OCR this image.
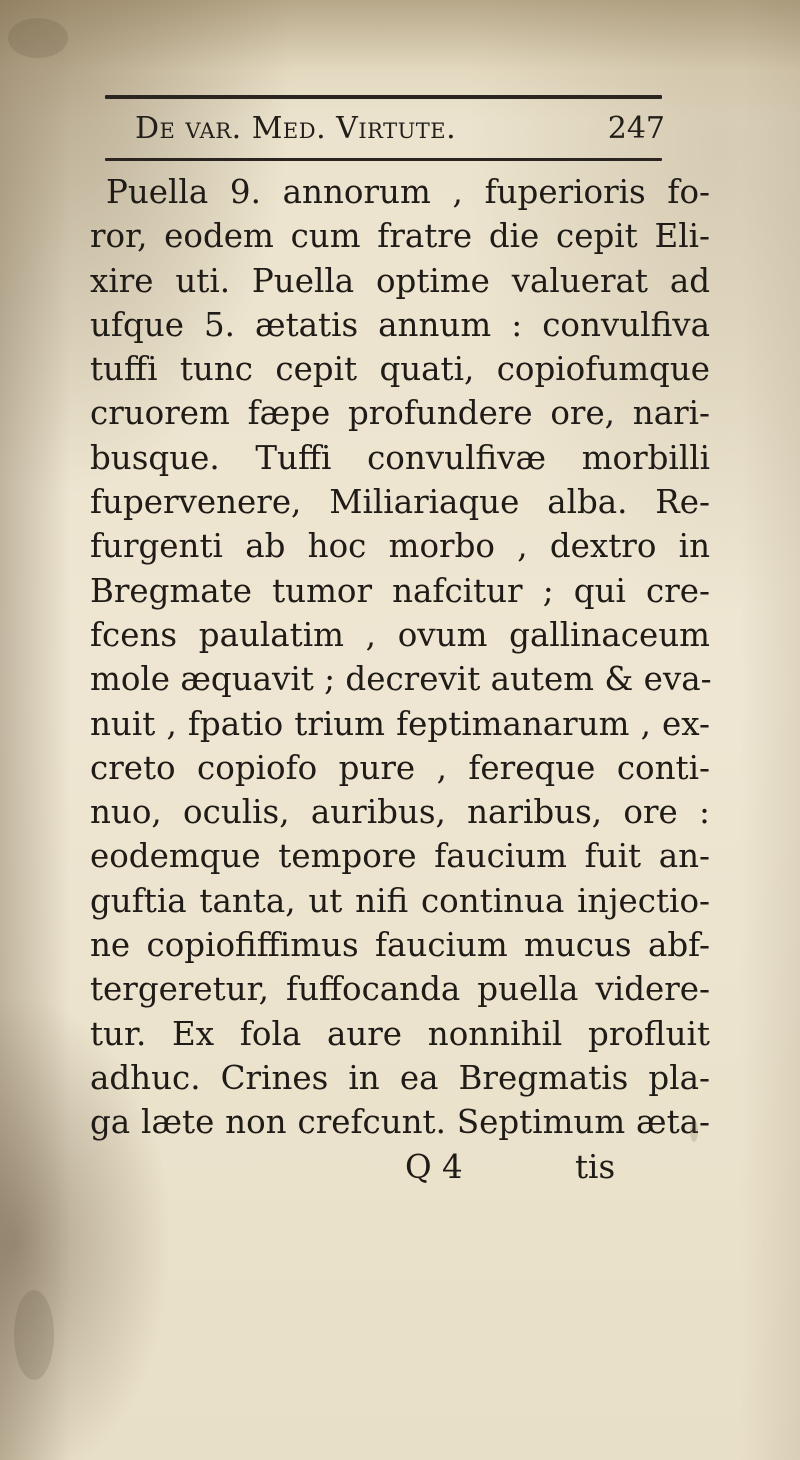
De var. Med. Virtute.	247
Puella 9. annorum , fuperioris fo-
ror, eodem cum fratre die cepit Eli-
xire uti. Puella optime valuerat ad
ufque 5. ætatis annum : convulfiva
tuffi tunc cepit quati, copiofumque
cruorem fæpe profundere ore, nari-
busque. Tuffi convulfivæ morbilli
fupervenere, Miliariaque alba. Re-
furgenti ab hoc morbo , dextro in
Bregmate tumor nafcitur ; qui cre-
fcens paulatim , ovum gallinaceum
mole æquavit ; decrevit autem & eva-
nuit , fpatio trium feptimanarum , ex-
creto copiofo pure , fereque conti-
nuo, oculis, auribus, naribus, ore :
eodemque tempore faucium fuit an-
guftia tanta, ut nifi continua injectio-
ne copiofiffimus faucium mucus abf-
tergeretur, fuffocanda puella videre-
tur. Ex fola aure nonnihil profluit
adhuc. Crines in ea Bregmatis pla-
ga læte non crefcunt. Septimum æta-
Q 4	tis
